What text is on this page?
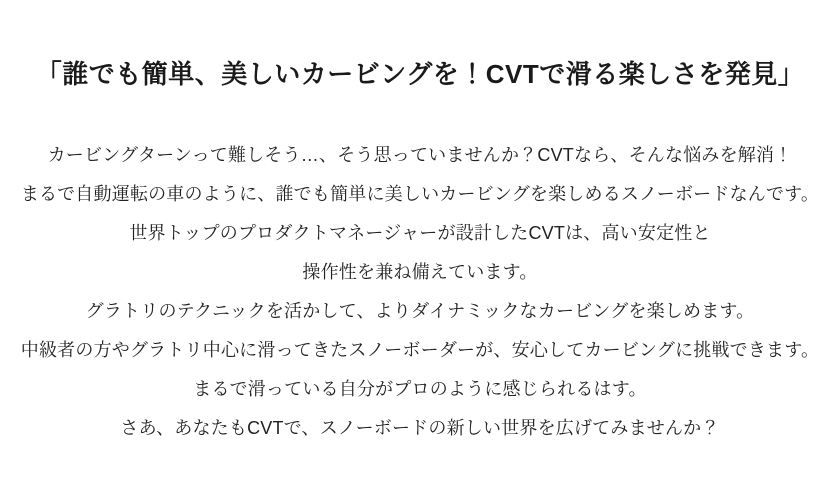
「誰でも簡単、美しいカービングを！CVTで滑る楽しさを発見」

カービングターンって難しそう…、そう思っていませんか？CVTなら、そんな悩みを解消！

まるで自動運転の車のように、誰でも簡単に美しいカービングを楽しめるスノーボードなんです。

世界トップのプロダクトマネージャーが設計したCVTは、高い安定性と

操作性を兼ね備えています。

グラトリのテクニックを活かして、よりダイナミックなカービングを楽しめます。

中級者の方やグラトリ中心に滑ってきたスノーボーダーが、安心してカービングに挑戦できます。

まるで滑っている自分がプロのように感じられるはす。

さあ、あなたもCVTで、スノーボードの新しい世界を広げてみませんか？
